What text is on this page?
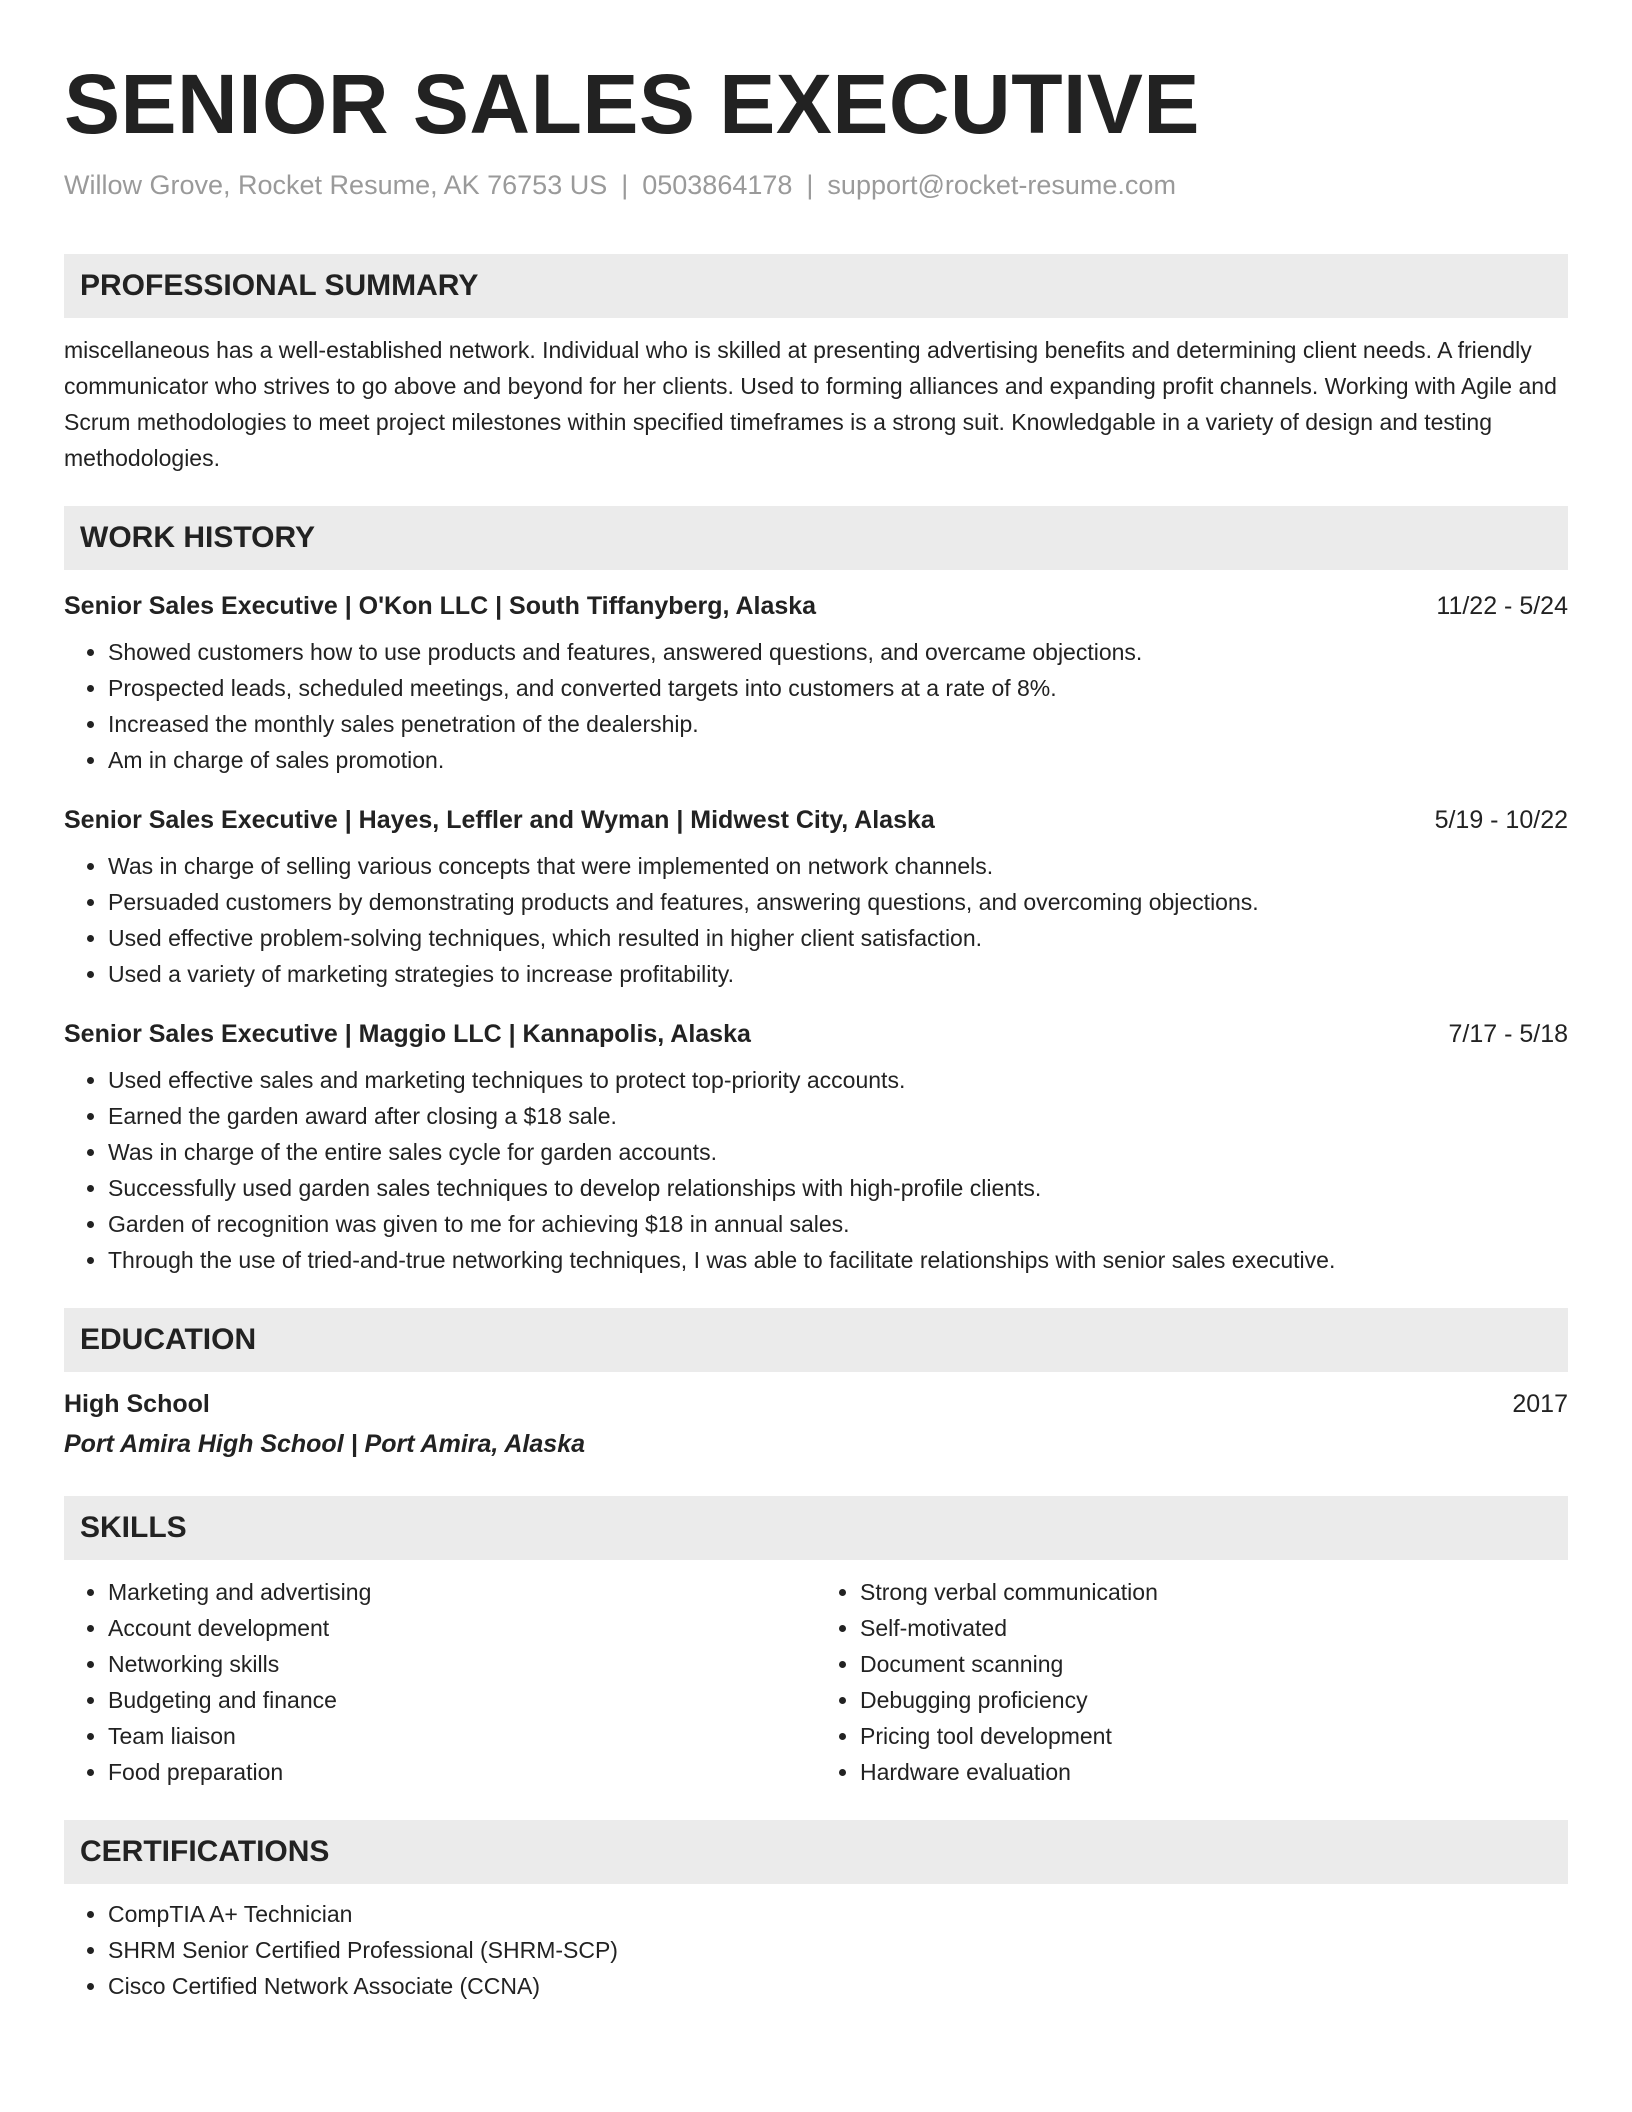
SENIOR SALES EXECUTIVE
Willow Grove, Rocket Resume, AK 76753 US | 0503864178 | support@rocket-resume.com
PROFESSIONAL SUMMARY

miscellaneous has a well-established network. Individual who is skilled at presenting advertising benefits and determining client needs. A friendly communicator who strives to go above and beyond for her clients. Used to forming alliances and expanding profit channels. Working with Agile and Scrum methodologies to meet project milestones within specified timeframes is a strong suit. Knowledgable in a variety of design and testing methodologies.

WORK HISTORY
Senior Sales Executive | O'Kon LLC | South Tiffanyberg, Alaska	11/22 - 5/24
• Showed customers how to use products and features, answered questions, and overcame objections.
• Prospected leads, scheduled meetings, and converted targets into customers at a rate of 8%.
• Increased the monthly sales penetration of the dealership.
• Am in charge of sales promotion.
Senior Sales Executive | Hayes, Leffler and Wyman | Midwest City, Alaska	5/19 - 10/22
• Was in charge of selling various concepts that were implemented on network channels.
• Persuaded customers by demonstrating products and features, answering questions, and overcoming objections.
• Used effective problem-solving techniques, which resulted in higher client satisfaction.
• Used a variety of marketing strategies to increase profitability.
Senior Sales Executive | Maggio LLC | Kannapolis, Alaska	7/17 - 5/18
• Used effective sales and marketing techniques to protect top-priority accounts.
• Earned the garden award after closing a $18 sale.
• Was in charge of the entire sales cycle for garden accounts.
• Successfully used garden sales techniques to develop relationships with high-profile clients.
• Garden of recognition was given to me for achieving $18 in annual sales.
• Through the use of tried-and-true networking techniques, I was able to facilitate relationships with senior sales executive.
EDUCATION
High School	2017
Port Amira High School | Port Amira, Alaska
SKILLS
• Marketing and advertising
• Account development
• Networking skills
• Budgeting and finance
• Team liaison
• Food preparation
• Strong verbal communication
• Self-motivated
• Document scanning
• Debugging proficiency
• Pricing tool development
• Hardware evaluation
CERTIFICATIONS
• CompTIA A+ Technician
• SHRM Senior Certified Professional (SHRM-SCP)
• Cisco Certified Network Associate (CCNA)
